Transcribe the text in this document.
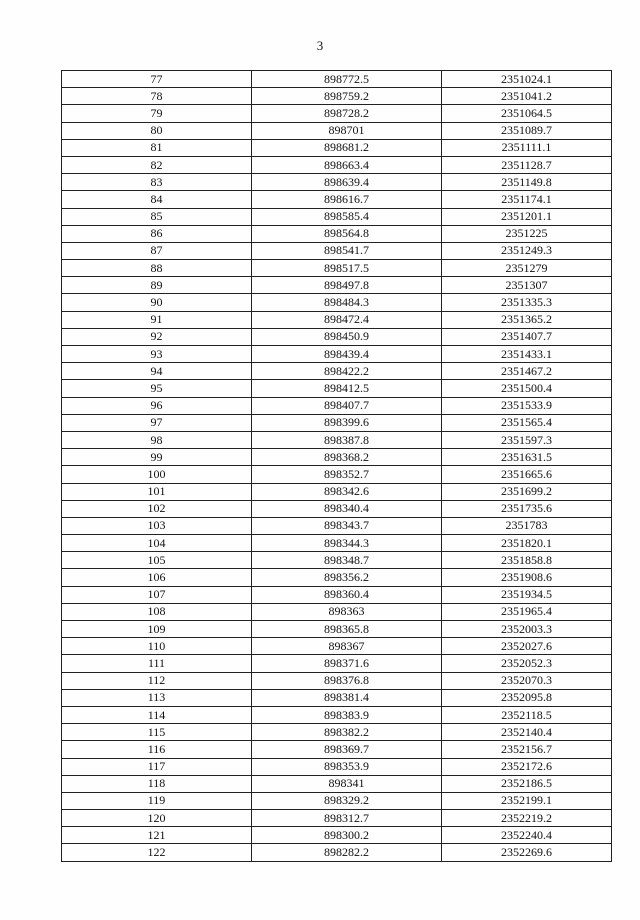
3
77	898772.5	2351024.1
78	898759.2	2351041.2
79	898728.2	2351064.5
80	898701	2351089.7
81	898681.2	2351111.1
82	898663.4	2351128.7
83	898639.4	2351149.8
84	898616.7	2351174.1
85	898585.4	2351201.1
86	898564.8	2351225
87	898541.7	2351249.3
88	898517.5	2351279
89	898497.8	2351307
90	898484.3	2351335.3
91	898472.4	2351365.2
92	898450.9	2351407.7
93	898439.4	2351433.1
94	898422.2	2351467.2
95	898412.5	2351500.4
96	898407.7	2351533.9
97	898399.6	2351565.4
98	898387.8	2351597.3
99	898368.2	2351631.5
100	898352.7	2351665.6
101	898342.6	2351699.2
102	898340.4	2351735.6
103	898343.7	2351783
104	898344.3	2351820.1
105	898348.7	2351858.8
106	898356.2	2351908.6
107	898360.4	2351934.5
108	898363	2351965.4
109	898365.8	2352003.3
110	898367	2352027.6
111	898371.6	2352052.3
112	898376.8	2352070.3
113	898381.4	2352095.8
114	898383.9	2352118.5
115	898382.2	2352140.4
116	898369.7	2352156.7
117	898353.9	2352172.6
118	898341	2352186.5
119	898329.2	2352199.1
120	898312.7	2352219.2
121	898300.2	2352240.4
122	898282.2	2352269.6
